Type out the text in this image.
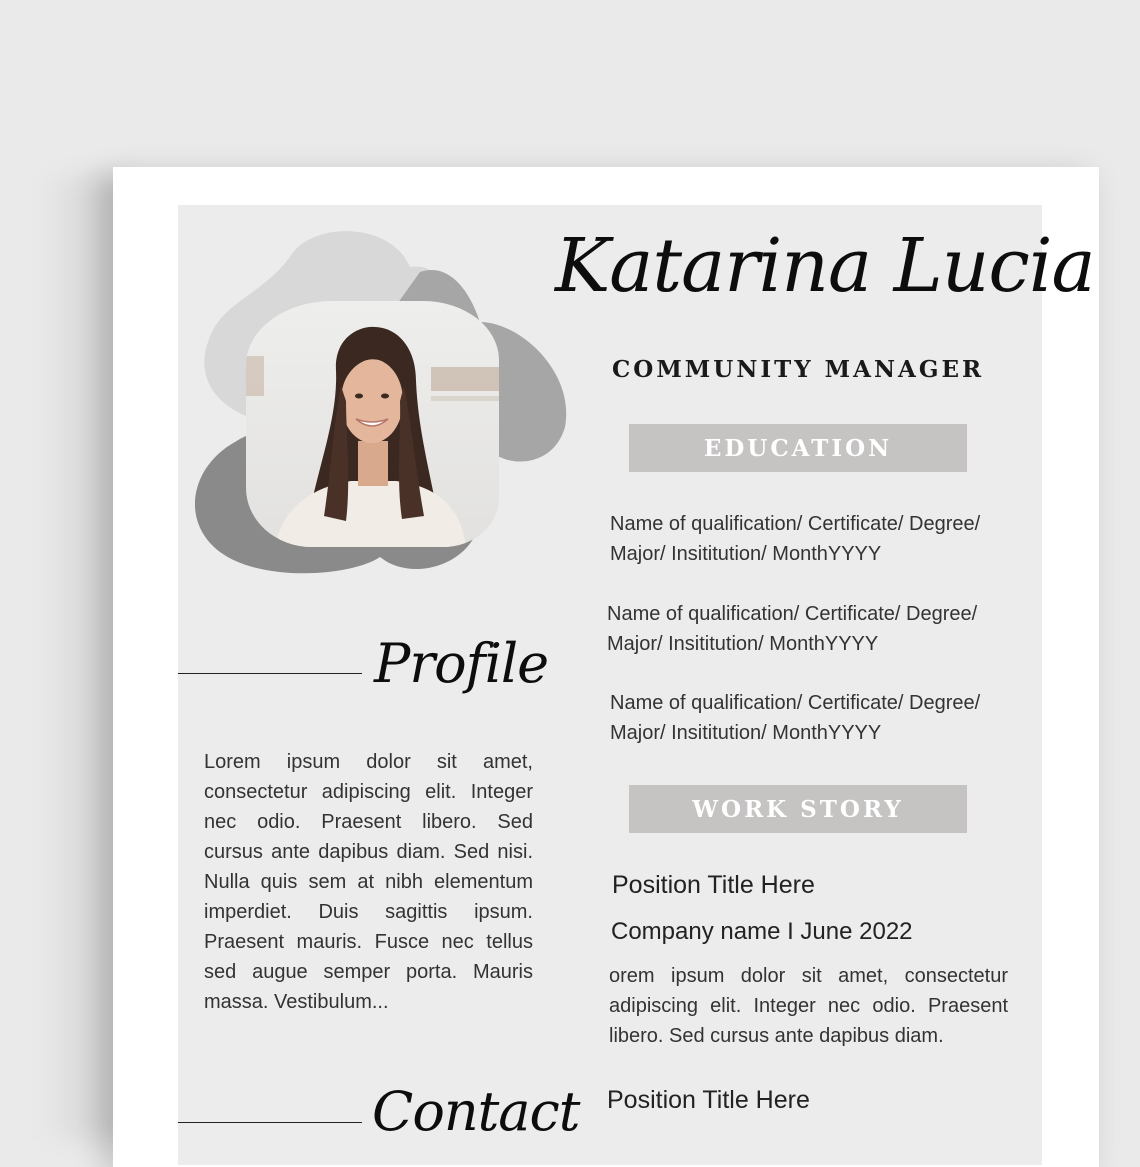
Katarina Lucia
COMMUNITY MANAGER
EDUCATION
Name of qualification/ Certificate/ Degree/
Major/ Insititution/ MonthYYYY
Name of qualification/ Certificate/ Degree/
Major/ Insititution/ MonthYYYY
Name of qualification/ Certificate/ Degree/
Major/ Insititution/ MonthYYYY
WORK STORY
Position Title Here
Company name I June 2022
orem ipsum dolor sit amet, consectetur adipiscing elit. Integer nec odio. Praesent libero. Sed cursus ante dapibus diam.
Position Title Here
Profile
Lorem ipsum dolor sit amet, consectetur adipiscing elit. Integer nec odio. Praesent libero. Sed cursus ante dapibus diam. Sed nisi. Nulla quis sem at nibh elementum imperdiet. Duis sagittis ipsum. Praesent mauris. Fusce nec tellus sed augue semper porta. Mauris massa. Vestibulum...
Contact
